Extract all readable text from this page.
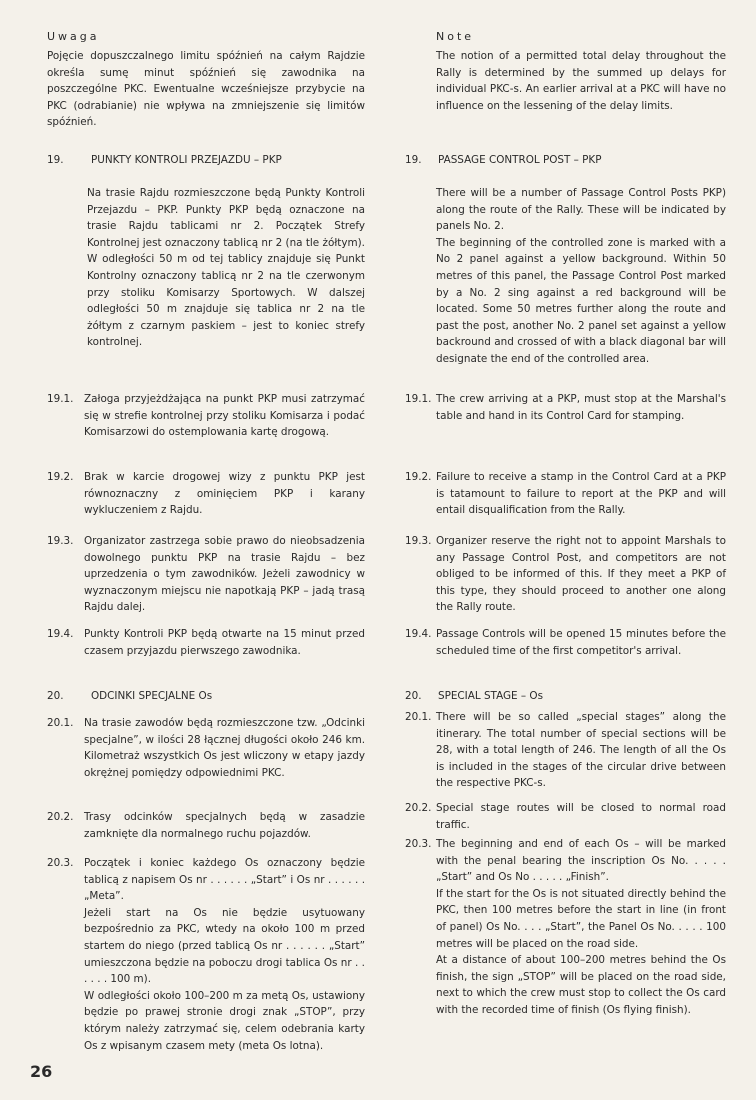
Uwaga
Pojęcie dopuszczalnego limitu spóźnień na całym Rajdzie określa sumę minut spóźnień się zawodnika na poszczególne PKC. Ewentualne wcześniejsze przybycie na PKC (odrabianie) nie wpływa na zmniejszenie się limitów spóźnień.
19.	PUNKTY KONTROLI PRZEJAZDU – PKP
Na trasie Rajdu rozmieszczone będą Punkty Kontroli Przejazdu – PKP. Punkty PKP będą oznaczone na trasie Rajdu tablicami nr 2. Początek Strefy Kontrolnej jest oznaczony tablicą nr 2 (na tle żółtym). W odległości 50 m od tej tablicy znajduje się Punkt Kontrolny oznaczony tablicą nr 2 na tle czerwonym przy stoliku Komisarzy Sportowych. W dalszej odległości 50 m znajduje się tablica nr 2 na tle żółtym z czarnym paskiem – jest to koniec strefy kontrolnej.
19.1.	Załoga przyjeżdżająca na punkt PKP musi zatrzymać się w strefie kontrolnej przy stoliku Komisarza i podać Komisarzowi do ostemplowania kartę drogową.
19.2.	Brak w karcie drogowej wizy z punktu PKP jest równoznaczny z ominięciem PKP i karany wykluczeniem z Rajdu.
19.3.	Organizator zastrzega sobie prawo do nieobsadzenia dowolnego punktu PKP na trasie Rajdu – bez uprzedzenia o tym zawodników. Jeżeli zawodnicy w wyznaczonym miejscu nie napotkają PKP – jadą trasą Rajdu dalej.
19.4.	Punkty Kontroli PKP będą otwarte na 15 minut przed czasem przyjazdu pierwszego zawodnika.
20.	ODCINKI SPECJALNE Os
20.1.	Na trasie zawodów będą rozmieszczone tzw. „Odcinki specjalne”, w ilości 28 łącznej długości około 246 km. Kilometraż wszystkich Os jest wliczony w etapy jazdy okrężnej pomiędzy odpowiednimi PKC.
20.2.	Trasy odcinków specjalnych będą w zasadzie zamknięte dla normalnego ruchu pojazdów.
20.3.	Początek i koniec każdego Os oznaczony będzie tablicą z napisem Os nr . . . . . . „Start” i Os nr . . . . . . „Meta”.
Jeżeli start na Os nie będzie usytuowany bezpośrednio za PKC, wtedy na około 100 m przed startem do niego (przed tablicą Os nr . . . . . . „Start” umieszczona będzie na poboczu drogi tablica Os nr . . . . . . 100 m).
W odległości około 100–200 m za metą Os, ustawiony będzie po prawej stronie drogi znak „STOP”, przy którym należy zatrzymać się, celem odebrania karty Os z wpisanym czasem mety (meta Os lotna).
Note
The notion of a permitted total delay throughout the Rally is determined by the summed up delays for individual PKC-s. An earlier arrival at a PKC will have no influence on the lessening of the delay limits.
19.	PASSAGE CONTROL POST – PKP
There will be a number of Passage Control Posts PKP) along the route of the Rally. These will be indicated by panels No. 2.
The beginning of the controlled zone is marked with a No 2 panel against a yellow background. Within 50 metres of this panel, the Passage Control Post marked by a No. 2 sing against a red background will be located. Some 50 metres further along the route and past the post, another No. 2 panel set against a yellow backround and crossed of with a black diagonal bar will designate the end of the controlled area.
19.1. The crew arriving at a PKP, must stop at the Marshal's table and hand in its Control Card for stamping.
19.2. Failure to receive a stamp in the Control Card at a PKP is tatamount to failure to report at the PKP and will entail disqualification from the Rally.
19.3. Organizer reserve the right not to appoint Marshals to any Passage Control Post, and competitors are not obliged to be informed of this. If they meet a PKP of this type, they should proceed to another one along the Rally route.
19.4. Passage Controls will be opened 15 minutes before the scheduled time of the first competitor's arrival.
20.	SPECIAL STAGE – Os
20.1. There will be so called „special stages” along the itinerary. The total number of special sections will be 28, with a total length of 246. The length of all the Os is included in the stages of the circular drive between the respective PKC-s.
20.2. Special stage routes will be closed to normal road traffic.
20.3. The beginning and end of each Os – will be marked with the penal bearing the inscription Os No. . . . . „Start” and Os No . . . . . „Finish”.
If the start for the Os is not situated directly behind the PKC, then 100 metres before the start in line (in front of panel) Os No. . . . „Start”, the Panel Os No. . . . . 100 metres will be placed on the road side.
At a distance of about 100–200 metres behind the Os finish, the sign „STOP” will be placed on the road side, next to which the crew must stop to collect the Os card with the recorded time of finish (Os flying finish).
26
